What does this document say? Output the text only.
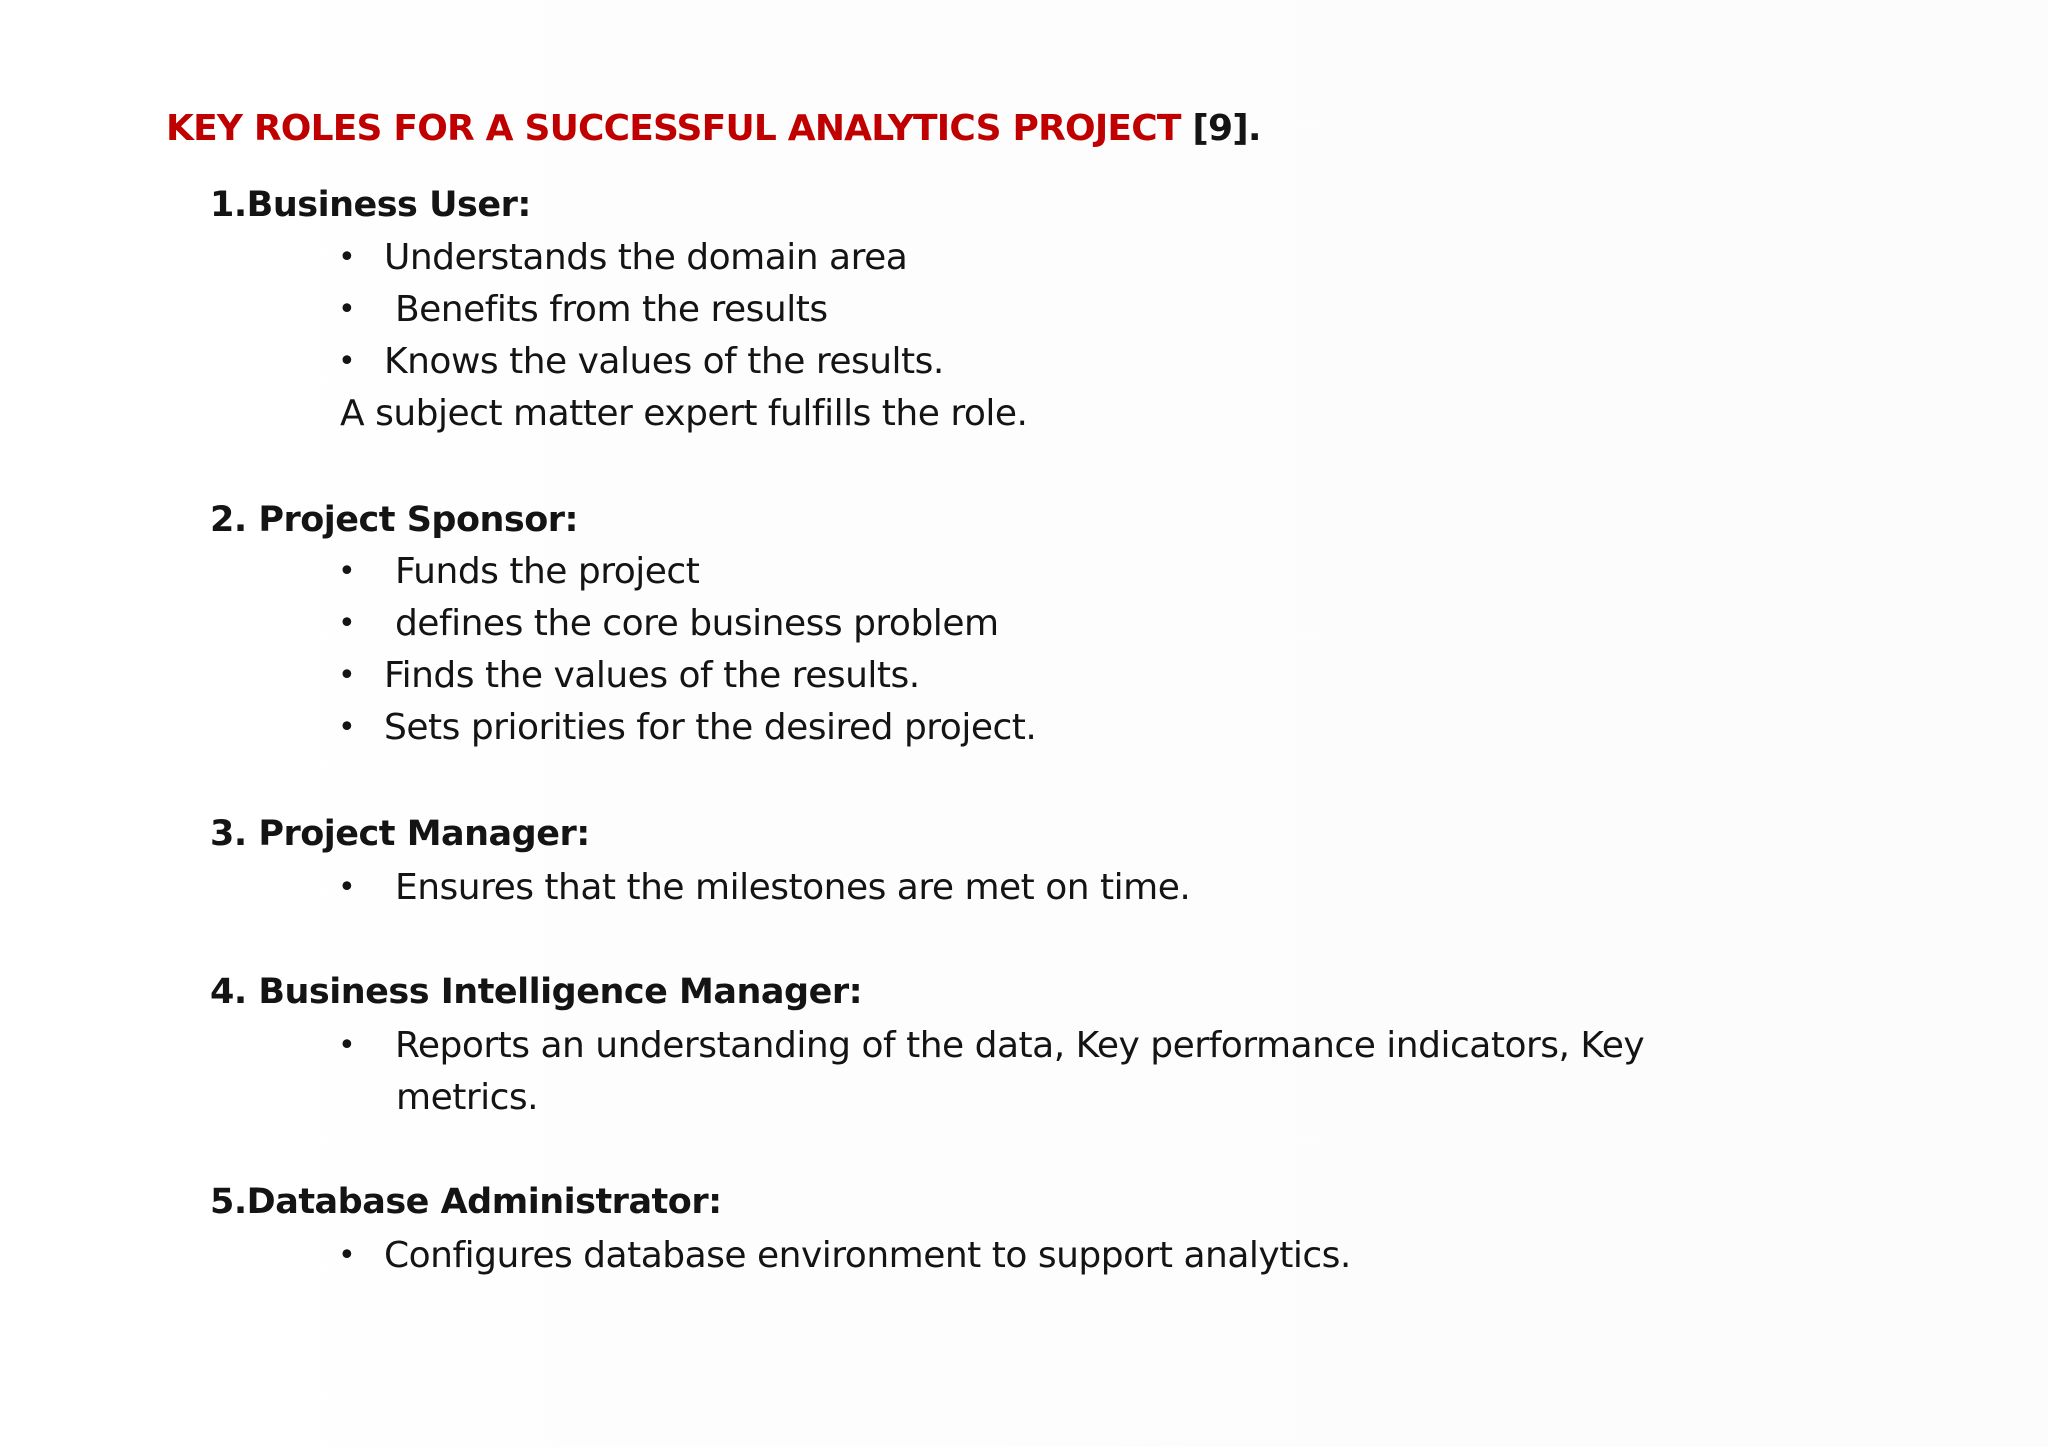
KEY ROLES FOR A SUCCESSFUL ANALYTICS PROJECT [9].
1.Business User:
• Understands the domain area

• Benefits from the results

• Knows the values of the results.

A subject matter expert fulfills the role.

2. Project Sponsor:
• Funds the project

• defines the core business problem

• Finds the values of the results.

• Sets priorities for the desired project.

3. Project Manager:
• Ensures that the milestones are met on time.

4. Business Intelligence Manager:
• Reports an understanding of the data, Key performance indicators, Key

metrics.

5.Database Administrator:
• Configures database environment to support analytics.
